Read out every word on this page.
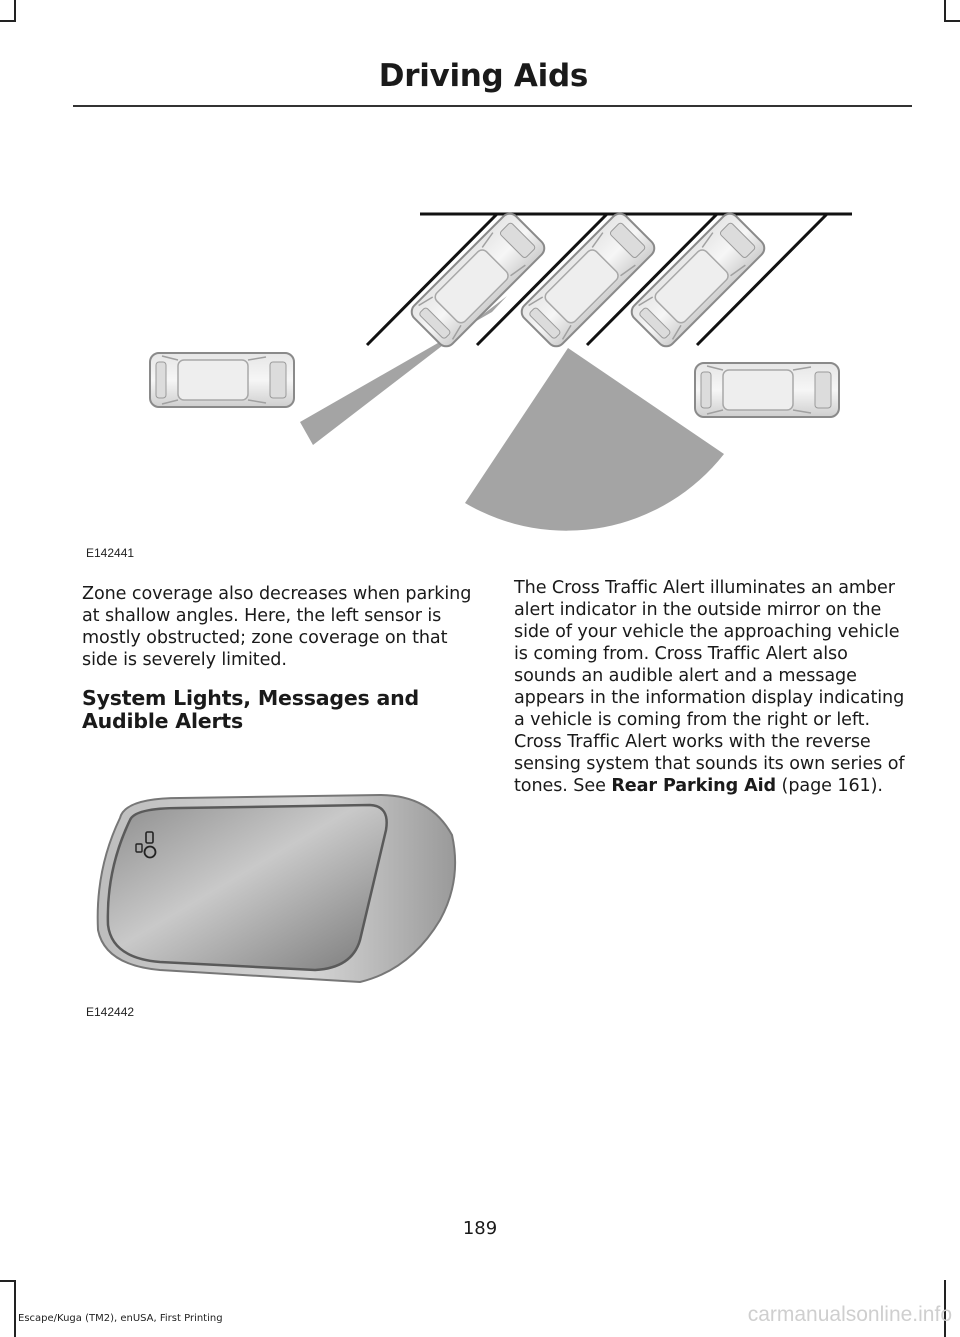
Driving Aids
E142441

Zone coverage also decreases when parking at shallow angles. Here, the left sensor is mostly obstructed; zone coverage on that side is severely limited.

System Lights, Messages and
Audible Alerts
E142442

The Cross Traffic Alert illuminates an amber alert indicator in the outside mirror on the side of your vehicle the approaching vehicle is coming from. Cross Traffic Alert also sounds an audible alert and a message appears in the information display indicating a vehicle is coming from the right or left. Cross Traffic Alert works with the reverse sensing system that sounds its own series of tones. See Rear Parking Aid (page 161).

189
Escape/Kuga (TM2), enUSA, First Printing	carmanualsonline.info
